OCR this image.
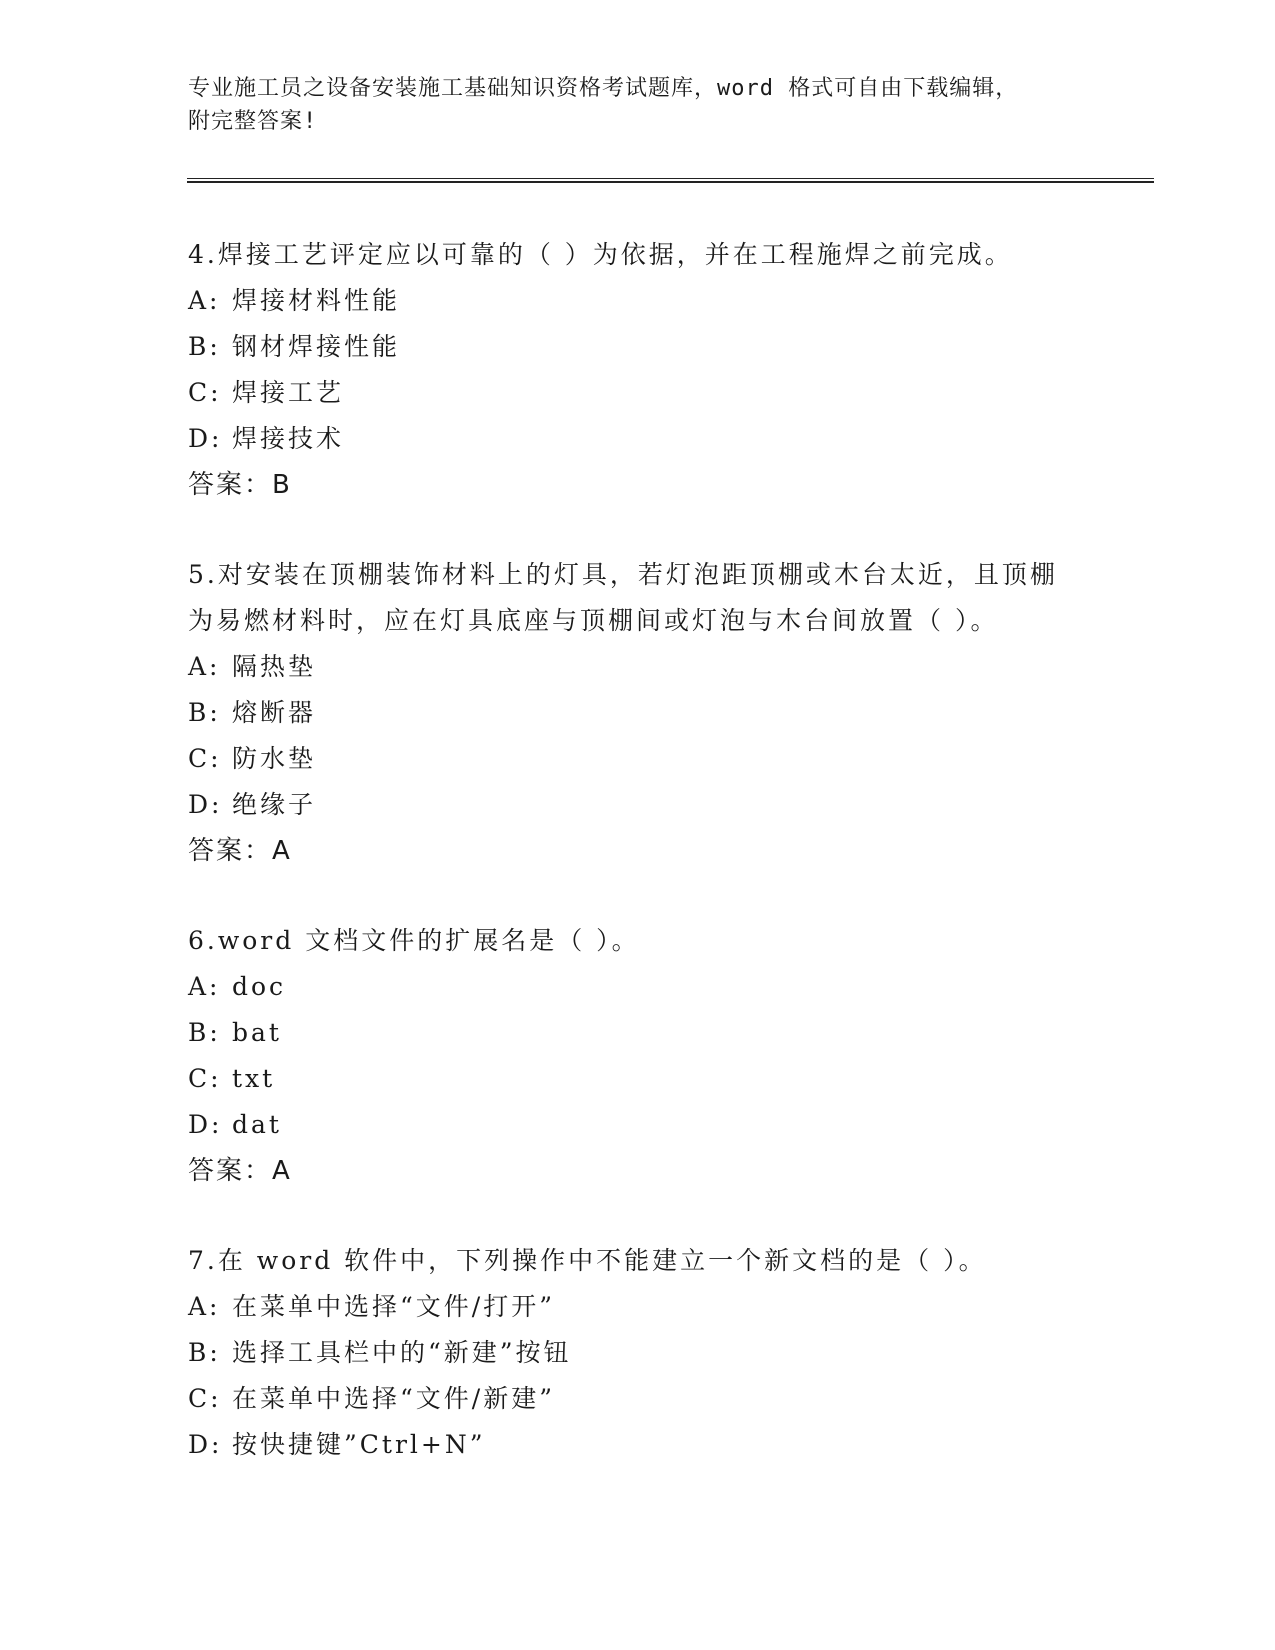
专业施工员之设备安装施工基础知识资格考试题库，word 格式可自由下载编辑，
附完整答案!
4.焊接工艺评定应以可靠的（ ）为依据，并在工程施焊之前完成。
A: 焊接材料性能
B: 钢材焊接性能
C: 焊接工艺
D: 焊接技术
答案：B
5.对安装在顶棚装饰材料上的灯具，若灯泡距顶棚或木台太近，且顶棚为易燃材料时，应在灯具底座与顶棚间或灯泡与木台间放置（ ）。
A: 隔热垫
B: 熔断器
C: 防水垫
D: 绝缘子
答案：A
6.word 文档文件的扩展名是（ ）。
A: doc
B: bat
C: txt
D: dat
答案：A
7.在 word 软件中，下列操作中不能建立一个新文档的是（ ）。
A: 在菜单中选择“文件/打开”
B: 选择工具栏中的“新建”按钮
C: 在菜单中选择“文件/新建”
D: 按快捷键”Ctrl+N”
